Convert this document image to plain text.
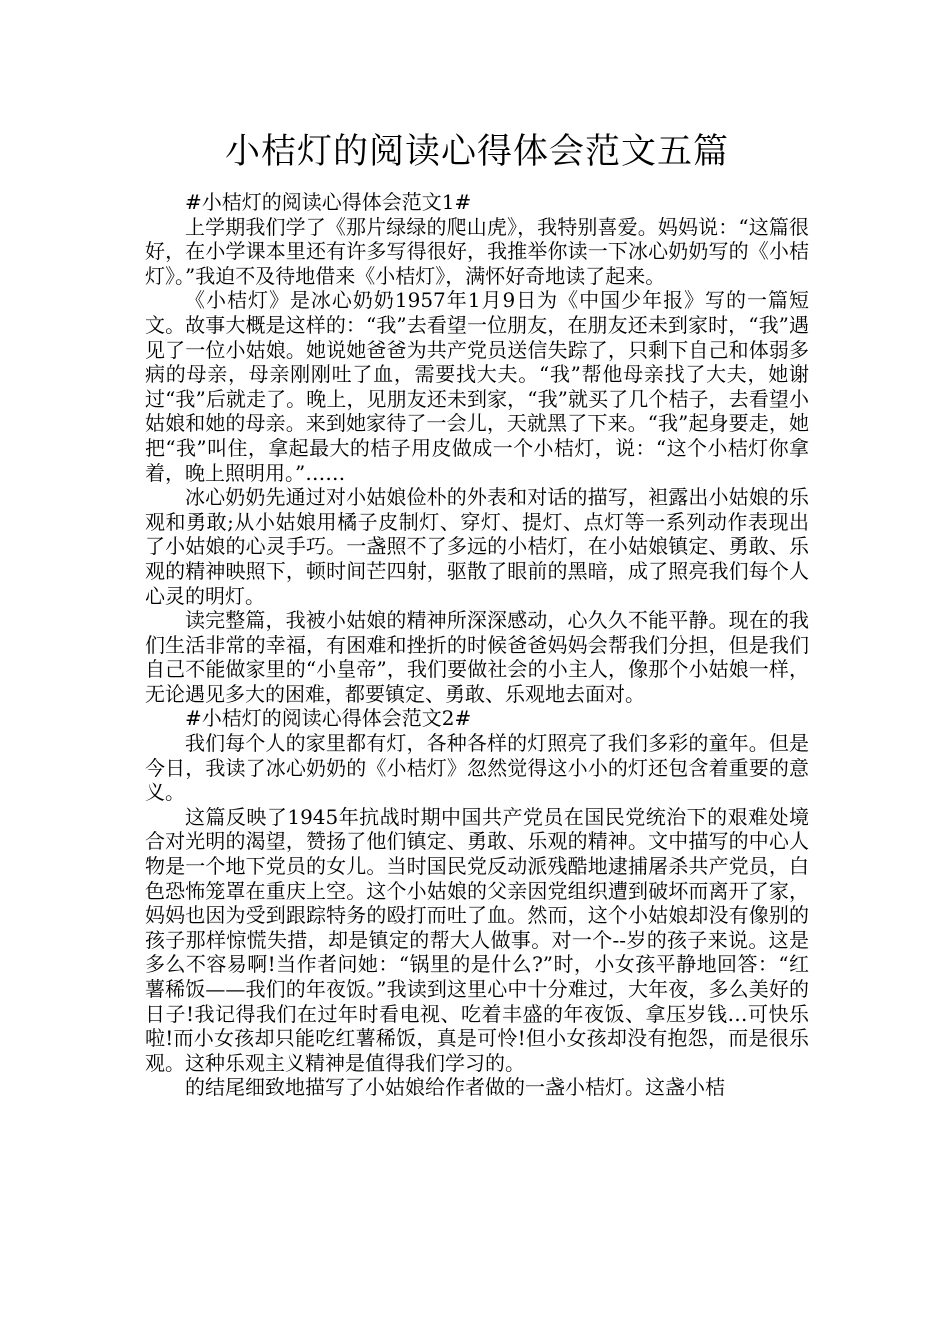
小桔灯的阅读心得体会范文五篇

#小桔灯的阅读心得体会范文1#

上学期我们学了《那片绿绿的爬山虎》，我特别喜爱。妈妈说：“这篇很好，在小学课本里还有许多写得很好，我推举你读一下冰心奶奶写的《小桔灯》。”我迫不及待地借来《小桔灯》，满怀好奇地读了起来。

《小桔灯》是冰心奶奶1957年1月9日为《中国少年报》写的一篇短文。故事大概是这样的：“我”去看望一位朋友，在朋友还未到家时，“我”遇见了一位小姑娘。她说她爸爸为共产党员送信失踪了，只剩下自己和体弱多病的母亲，母亲刚刚吐了血，需要找大夫。“我”帮他母亲找了大夫，她谢过“我”后就走了。晚上，见朋友还未到家，“我”就买了几个桔子，去看望小姑娘和她的母亲。来到她家待了一会儿，天就黑了下来。“我”起身要走，她把“我”叫住，拿起最大的桔子用皮做成一个小桔灯，说：“这个小桔灯你拿着，晚上照明用。”……

冰心奶奶先通过对小姑娘俭朴的外表和对话的描写，袒露出小姑娘的乐观和勇敢;从小姑娘用橘子皮制灯、穿灯、提灯、点灯等一系列动作表现出了小姑娘的心灵手巧。一盏照不了多远的小桔灯，在小姑娘镇定、勇敢、乐观的精神映照下，顿时间芒四射，驱散了眼前的黑暗，成了照亮我们每个人心灵的明灯。

读完整篇，我被小姑娘的精神所深深感动，心久久不能平静。现在的我们生活非常的幸福，有困难和挫折的时候爸爸妈妈会帮我们分担，但是我们自己不能做家里的“小皇帝”，我们要做社会的小主人，像那个小姑娘一样，无论遇见多大的困难，都要镇定、勇敢、乐观地去面对。

#小桔灯的阅读心得体会范文2#

我们每个人的家里都有灯，各种各样的灯照亮了我们多彩的童年。但是今日，我读了冰心奶奶的《小桔灯》忽然觉得这小小的灯还包含着重要的意义。

这篇反映了1945年抗战时期中国共产党员在国民党统治下的艰难处境合对光明的渴望，赞扬了他们镇定、勇敢、乐观的精神。文中描写的中心人物是一个地下党员的女儿。当时国民党反动派残酷地逮捕屠杀共产党员，白色恐怖笼罩在重庆上空。这个小姑娘的父亲因党组织遭到破坏而离开了家，妈妈也因为受到跟踪特务的殴打而吐了血。然而，这个小姑娘却没有像别的孩子那样惊慌失措，却是镇定的帮大人做事。对一个--岁的孩子来说。这是多么不容易啊!当作者问她：“锅里的是什么?”时，小女孩平静地回答：“红薯稀饭——我们的年夜饭。”我读到这里心中十分难过，大年夜，多么美好的日子!我记得我们在过年时看电视、吃着丰盛的年夜饭、拿压岁钱…可快乐啦!而小女孩却只能吃红薯稀饭，真是可怜!但小女孩却没有抱怨，而是很乐观。这种乐观主义精神是值得我们学习的。

的结尾细致地描写了小姑娘给作者做的一盏小桔灯。这盏小桔
